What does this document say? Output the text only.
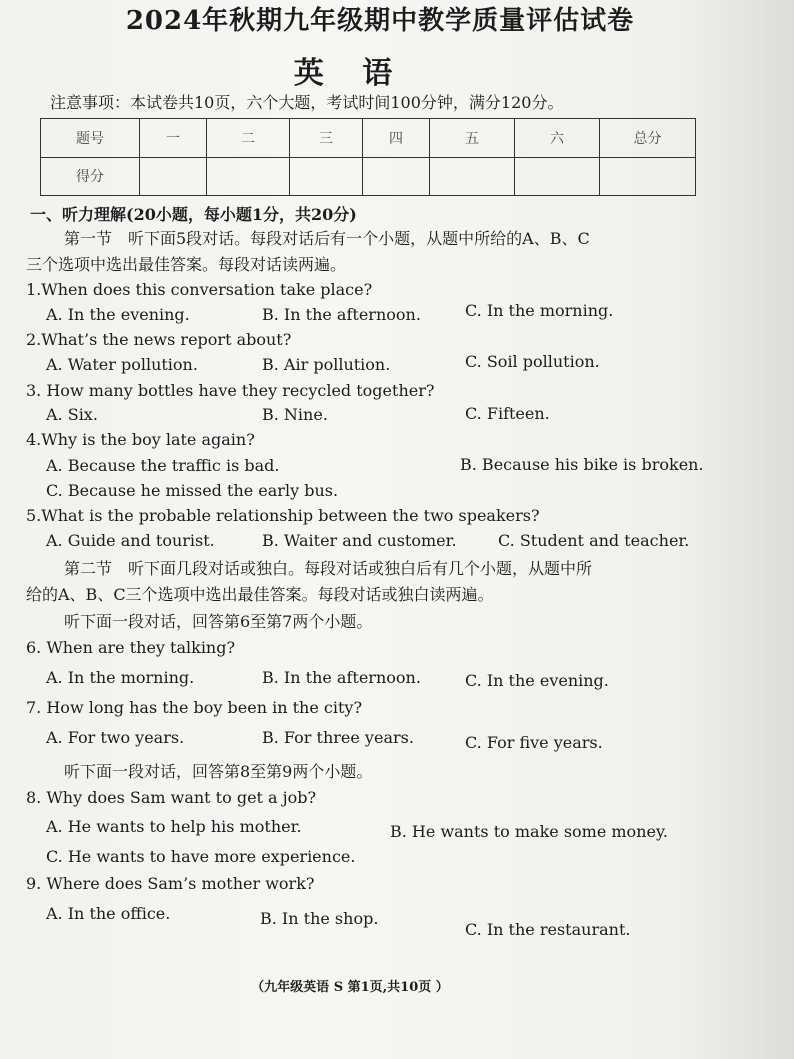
2024年秋期九年级期中教学质量评估试卷
英 语
注意事项：本试卷共10页，六个大题，考试时间100分钟，满分120分。
题号	一	二	三	四	五	六	总分
得分							
一、听力理解(20小题，每小题1分，共20分)
第一节　听下面5段对话。每段对话后有一个小题，从题中所给的A、B、C
三个选项中选出最佳答案。每段对话读两遍。
1.When does this conversation take place?
A. In the evening.	B. In the afternoon.	C. In the morning.
2.What’s the news report about?
A. Water pollution.	B. Air pollution.	C. Soil pollution.
3. How many bottles have they recycled together?
A. Six.	B. Nine.	C. Fifteen.
4.Why is the boy late again?
A. Because the traffic is bad.	B. Because his bike is broken.
C. Because he missed the early bus.
5.What is the probable relationship between the two speakers?
A. Guide and tourist.	B. Waiter and customer.	C. Student and teacher.
第二节　听下面几段对话或独白。每段对话或独白后有几个小题，从题中所
给的A、B、C三个选项中选出最佳答案。每段对话或独白读两遍。
听下面一段对话，回答第6至第7两个小题。
6. When are they talking?
A. In the morning.	B. In the afternoon.	C. In the evening.
7. How long has the boy been in the city?
A. For two years.	B. For three years.	C. For five years.
听下面一段对话，回答第8至第9两个小题。
8. Why does Sam want to get a job?
A. He wants to help his mother.	B. He wants to make some money.
C. He wants to have more experience.
9. Where does Sam’s mother work?
A. In the office.	B. In the shop.
C. In the restaurant.
（九年级英语 S 第1页,共10页 ）
